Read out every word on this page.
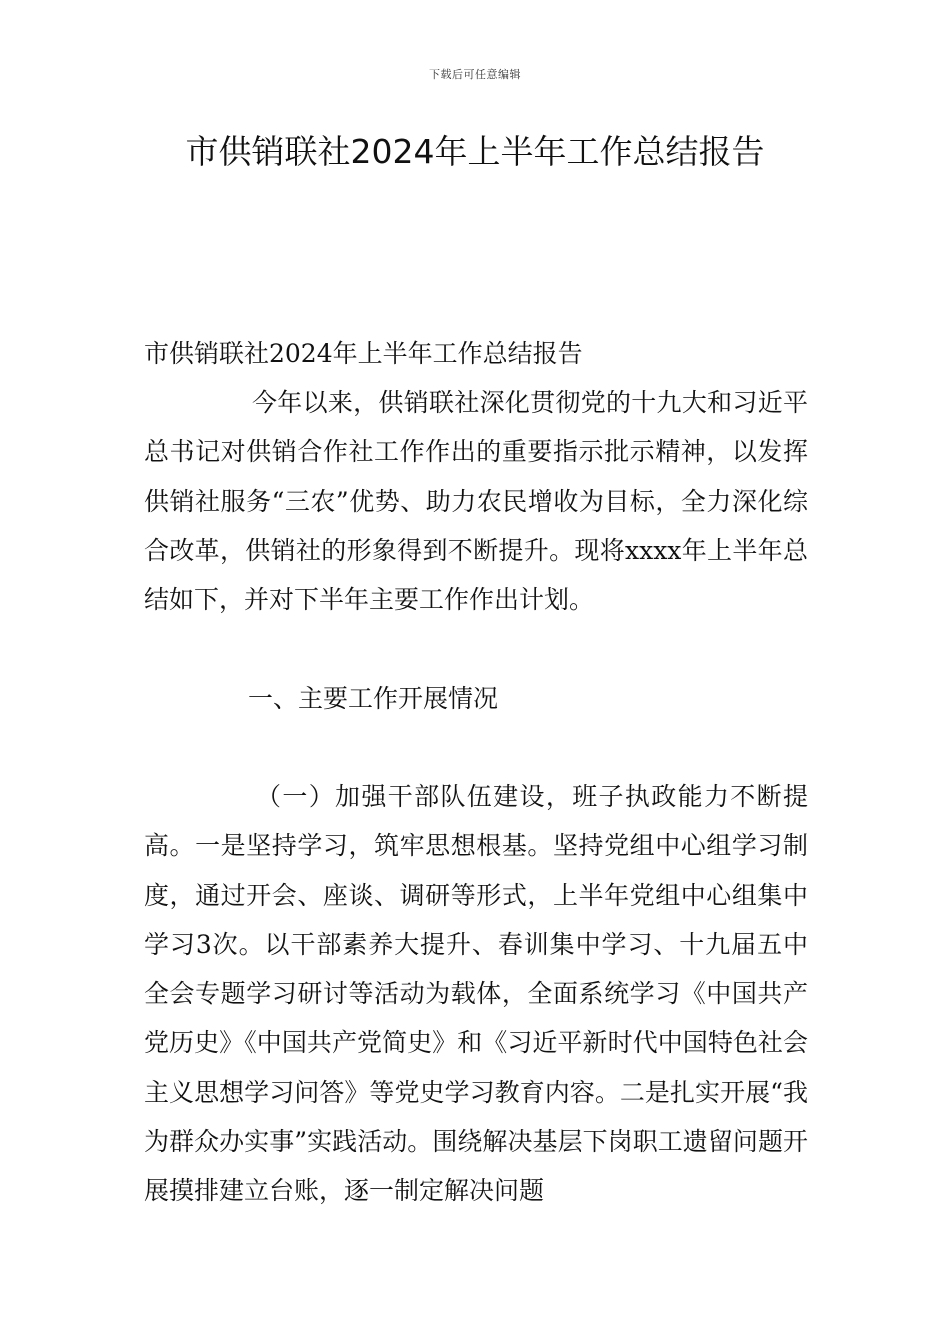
下载后可任意编辑
市供销联社2024年上半年工作总结报告

市供销联社2024年上半年工作总结报告

今年以来，供销联社深化贯彻党的十九大和习近平总书记对供销合作社工作作出的重要指示批示精神，以发挥供销社服务“三农”优势、助力农民增收为目标，全力深化综合改革，供销社的形象得到不断提升。现将xxxx年上半年总结如下，并对下半年主要工作作出计划。

一、主要工作开展情况

（一）加强干部队伍建设，班子执政能力不断提高。一是坚持学习，筑牢思想根基。坚持党组中心组学习制度，通过开会、座谈、调研等形式，上半年党组中心组集中学习3次。以干部素养大提升、春训集中学习、十九届五中全会专题学习研讨等活动为载体，全面系统学习《中国共产党历史》《中国共产党简史》和《习近平新时代中国特色社会主义思想学习问答》等党史学习教育内容。二是扎实开展“我为群众办实事”实践活动。围绕解决基层下岗职工遗留问题开展摸排建立台账，逐一制定解决问题
